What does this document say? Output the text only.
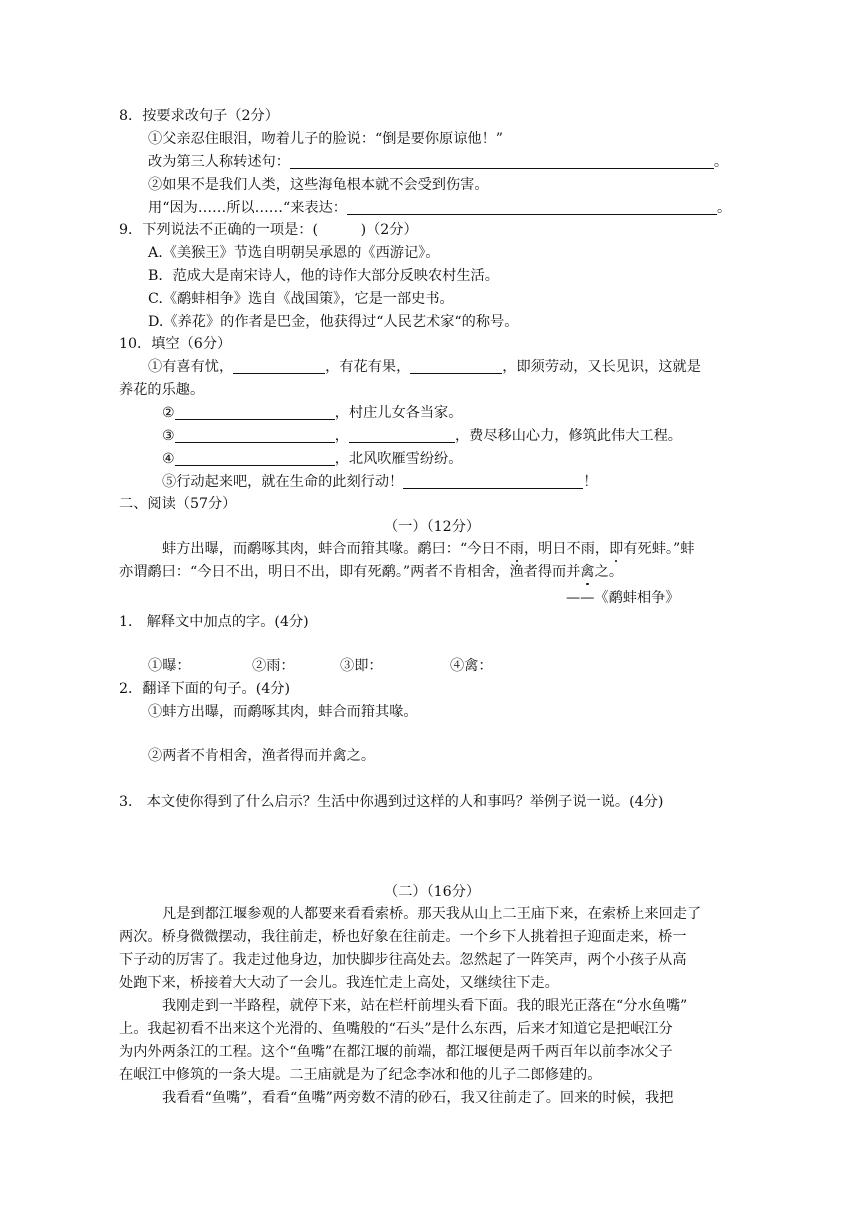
8．按要求改句子（2分）
①父亲忍住眼泪，吻着儿子的脸说：“倒是要你原谅他！”
改为第三人称转述句：	。
②如果不是我们人类，这些海龟根本就不会受到伤害。
用“因为……所以……“来表达：	。
9．下列说法不正确的一项是：(　　　)（2分）
A.《美猴王》节选自明朝吴承恩的《西游记》。
B．范成大是南宋诗人，他的诗作大部分反映农村生活。
C.《鹬蚌相争》选自《战国策》，它是一部史书。
D.《养花》的作者是巴金，他获得过“人民艺术家“的称号。
10．填空（6分）
①有喜有忧，	，有花有果，	，即须劳动，又长见识，这就是
养花的乐趣。
②	，村庄儿女各当家。
③	，	，费尽移山心力，修筑此伟大工程。
④	，北风吹雁雪纷纷。
⑤行动起来吧，就在生命的此刻行动！	！
二、阅读（57分）
（一）（12分）
蚌方出曝，而鹬啄其肉，蚌合而箝其喙。鹬曰：“今日不雨，明日不雨，即有死蚌。”蚌
亦谓鹬曰：“今日不出，明日不出，即有死鹬。”两者不肯相舍，渔者得而并禽之。
——《鹬蚌相争》
1． 解释文中加点的字。(4分)
①曝：	②雨：	③即：	④禽：
2．翻译下面的句子。(4分)
①蚌方出曝，而鹬啄其肉，蚌合而箝其喙。
②两者不肯相舍，渔者得而并禽之。
3． 本文使你得到了什么启示？生活中你遇到过这样的人和事吗？举例子说一说。(4分)
（二）（16分）
凡是到都江堰参观的人都要来看看索桥。那天我从山上二王庙下来，在索桥上来回走了
两次。桥身微微摆动，我往前走，桥也好象在往前走。一个乡下人挑着担子迎面走来，桥一
下子动的厉害了。我走过他身边，加快脚步往高处去。忽然起了一阵笑声，两个小孩子从高
处跑下来，桥接着大大动了一会儿。我连忙走上高处，又继续往下走。
我刚走到一半路程，就停下来，站在栏杆前埋头看下面。我的眼光正落在“分水鱼嘴”
上。我起初看不出来这个光滑的、鱼嘴般的“石头”是什么东西，后来才知道它是把岷江分
为内外两条江的工程。这个“鱼嘴”在都江堰的前端，都江堰便是两千两百年以前李冰父子
在岷江中修筑的一条大堤。二王庙就是为了纪念李冰和他的儿子二郎修建的。
我看看“鱼嘴”，看看“鱼嘴”两旁数不清的砂石，我又往前走了。回来的时候，我把
